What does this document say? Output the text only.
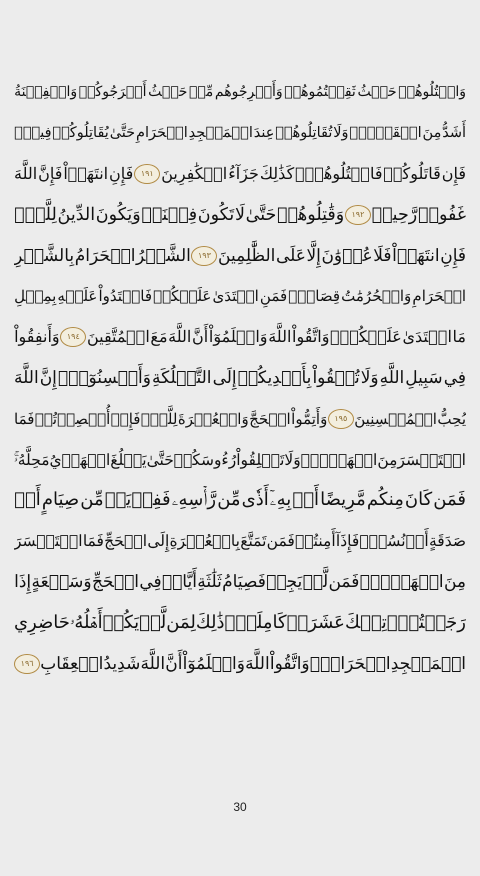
وَاقۡتُلُوهُمۡ
حَيۡثُ
ثَقِفۡتُمُوهُمۡ
وَأَخۡرِجُوهُم
مِّنۡ
حَيۡثُ
أَخۡرَجُوكُمۡ
وَالۡفِتۡنَةُ
أَشَدُّ
مِنَ
الۡقَتۡلِۚ
وَلَا
تُقَاتِلُوهُمۡ
عِندَ
الۡمَسۡجِدِ
الۡحَرَامِ
حَتَّىٰ
يُقَاتِلُوكُمۡ
فِيهِۖ
فَإِن
قَاتَلُوكُمۡ
فَاقۡتُلُوهُمۡۗ
كَذَٰلِكَ
جَزَآءُ
الۡكَٰفِرِينَ
١٩١
فَإِنِ
انتَهَوۡاْ
فَإِنَّ
اللَّهَ
غَفُورٞ
رَّحِيمٞ
١٩٢
وَقَٰتِلُوهُمۡ
حَتَّىٰ
لَا
تَكُونَ
فِتۡنَةٞ
وَيَكُونَ
الدِّينُ
لِلَّهِۖ
فَإِنِ
انتَهَوۡاْ
فَلَا
عُدۡوَٰنَ
إِلَّا
عَلَى
الظَّٰلِمِينَ
١٩٣
الشَّهۡرُ
الۡحَرَامُ
بِالشَّهۡرِ
الۡحَرَامِ
وَالۡحُرُمَٰتُ
قِصَاصٞۚ
فَمَنِ
اعۡتَدَىٰ
عَلَيۡكُمۡ
فَاعۡتَدُواْ
عَلَيۡهِ
بِمِثۡلِ
مَا
اعۡتَدَىٰ
عَلَيۡكُمۡۚ
وَاتَّقُواْ
اللَّهَ
وَاعۡلَمُوٓاْ
أَنَّ
اللَّهَ
مَعَ
الۡمُتَّقِينَ
١٩٤
وَأَنفِقُواْ
فِي
سَبِيلِ
اللَّهِ
وَلَا
تُلۡقُواْ
بِأَيۡدِيكُمۡ
إِلَى
التَّهۡلُكَةِ
وَأَحۡسِنُوٓاْۚ
إِنَّ
اللَّهَ
يُحِبُّ
الۡمُحۡسِنِينَ
١٩٥
وَأَتِمُّواْ
الۡحَجَّ
وَالۡعُمۡرَةَ
لِلَّهِۚ
فَإِنۡ
أُحۡصِرۡتُمۡ
فَمَا
اسۡتَيۡسَرَ
مِنَ
الۡهَدۡيِۖ
وَلَا
تَحۡلِقُواْ
رُءُوسَكُمۡ
حَتَّىٰ
يَبۡلُغَ
الۡهَدۡيُ
مَحِلَّهُۥۚ
فَمَن
كَانَ
مِنكُم
مَّرِيضًا
أَوۡ
بِهِۦٓ
أَذٗى
مِّن
رَّأۡسِهِۦ
فَفِدۡيَةٞ
مِّن
صِيَامٍ
أَوۡ
صَدَقَةٍ
أَوۡ
نُسُكٖۚ
فَإِذَآ
أَمِنتُمۡ
فَمَن
تَمَتَّعَ
بِالۡعُمۡرَةِ
إِلَى
الۡحَجِّ
فَمَا
اسۡتَيۡسَرَ
مِنَ
الۡهَدۡيِۚ
فَمَن
لَّمۡ
يَجِدۡ
فَصِيَامُ
ثَلَٰثَةِ
أَيَّامٖ
فِي
الۡحَجِّ
وَسَبۡعَةٍ
إِذَا
رَجَعۡتُمۡۗ
تِلۡكَ
عَشَرَةٞ
كَامِلَةٞۗ
ذَٰلِكَ
لِمَن
لَّمۡ
يَكُنۡ
أَهۡلُهُۥ
حَاضِرِي
الۡمَسۡجِدِ
الۡحَرَامِۚ
وَاتَّقُواْ
اللَّهَ
وَاعۡلَمُوٓاْ
أَنَّ
اللَّهَ
شَدِيدُ
الۡعِقَابِ
١٩٦
30
